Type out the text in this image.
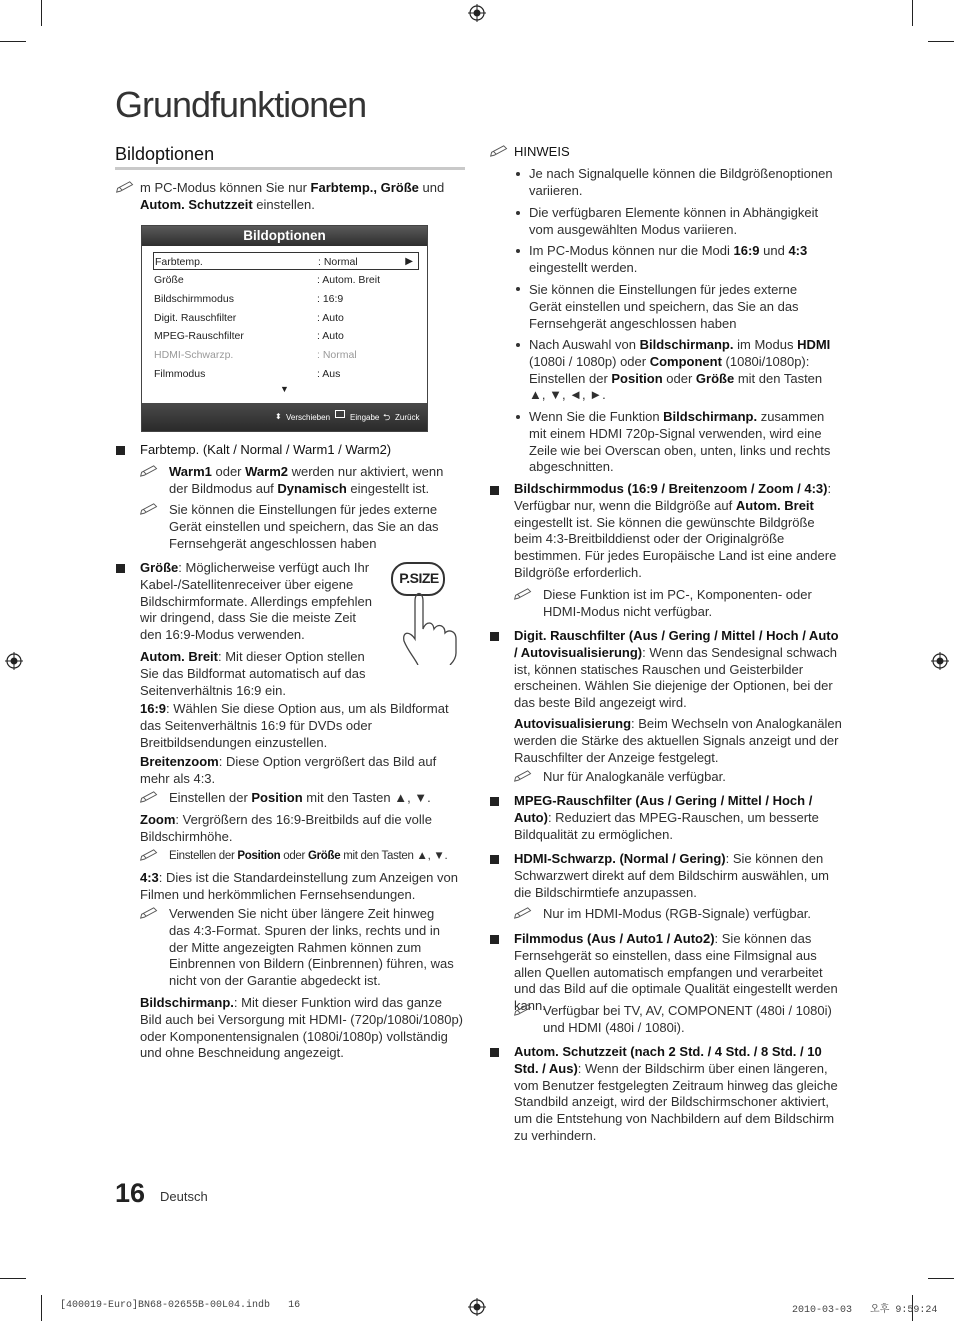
Grundfunktionen
Bildoptionen
m PC-Modus können Sie nur Farbtemp., Größe und
Autom. Schutzzeit einstellen.
Bildoptionen
Farbtemp.	: Normal	▶
Größe	: Autom. Breit
Bildschirmmodus	: 16:9
Digit. Rauschfilter	: Auto
MPEG-Rauschfilter	: Auto
HDMI-Schwarzp.	: Normal
Filmmodus	: Aus
▼
⬍ Verschieben Eingabe ⮌ Zurück
Farbtemp. (Kalt / Normal / Warm1 / Warm2)
Warm1 oder Warm2 werden nur aktiviert, wenn der Bildmodus auf Dynamisch eingestellt ist.
Sie können die Einstellungen für jedes externe Gerät einstellen und speichern, das Sie an das Fernsehgerät angeschlossen haben
Größe: Möglicherweise verfügt auch Ihr Kabel-/Satellitenreceiver über eigene Bildschirmformate. Allerdings empfehlen wir dringend, dass Sie die meiste Zeit den 16:9-Modus verwenden.
P.SIZE
Autom. Breit: Mit dieser Option stellen Sie das Bildformat automatisch auf das Seitenverhältnis 16:9 ein.
16:9: Wählen Sie diese Option aus, um als Bildformat das Seitenverhältnis 16:9 für DVDs oder Breitbildsendungen einzustellen.
Breitenzoom: Diese Option vergrößert das Bild auf mehr als 4:3.
Einstellen der Position mit den Tasten ▲, ▼.
Zoom: Vergrößern des 16:9-Breitbilds auf die volle Bildschirmhöhe.
Einstellen der Position oder Größe mit den Tasten ▲, ▼.
4:3: Dies ist die Standardeinstellung zum Anzeigen von Filmen und herkömmlichen Fernsehsendungen.
Verwenden Sie nicht über längere Zeit hinweg das 4:3-Format. Spuren der links, rechts und in der Mitte angezeigten Rahmen können zum Einbrennen von Bildern (Einbrennen) führen, was nicht von der Garantie abgedeckt ist.
Bildschirmanp.: Mit dieser Funktion wird das ganze Bild auch bei Versorgung mit HDMI- (720p/1080i/1080p) oder Komponentensignalen (1080i/1080p) vollständig und ohne Beschneidung angezeigt.
HINWEIS
Je nach Signalquelle können die Bildgrößenoptionen variieren.
Die verfügbaren Elemente können in Abhängigkeit vom ausgewählten Modus variieren.
Im PC-Modus können nur die Modi 16:9 und 4:3 eingestellt werden.
Sie können die Einstellungen für jedes externe Gerät einstellen und speichern, das Sie an das Fernsehgerät angeschlossen haben
Nach Auswahl von Bildschirmanp. im Modus HDMI (1080i / 1080p) oder Component (1080i/1080p): Einstellen der Position oder Größe mit den Tasten ▲, ▼, ◄, ►.
Wenn Sie die Funktion Bildschirmanp. zusammen mit einem HDMI 720p-Signal verwenden, wird eine Zeile wie bei Overscan oben, unten, links und rechts abgeschnitten.
Bildschirmmodus (16:9 / Breitenzoom / Zoom / 4:3): Verfügbar nur, wenn die Bildgröße auf Autom. Breit eingestellt ist. Sie können die gewünschte Bildgröße beim 4:3-Breitbilddienst oder der Originalgröße bestimmen. Für jedes Europäische Land ist eine andere Bildgröße erforderlich.
Diese Funktion ist im PC-, Komponenten- oder HDMI-Modus nicht verfügbar.
Digit. Rauschfilter (Aus / Gering / Mittel / Hoch / Auto / Autovisualisierung): Wenn das Sendesignal schwach ist, können statisches Rauschen und Geisterbilder erscheinen. Wählen Sie diejenige der Optionen, bei der das beste Bild angezeigt wird.
Autovisualisierung: Beim Wechseln von Analogkanälen werden die Stärke des aktuellen Signals anzeigt und der Rauschfilter der Anzeige festgelegt.
Nur für Analogkanäle verfügbar.
MPEG-Rauschfilter (Aus / Gering / Mittel / Hoch / Auto): Reduziert das MPEG-Rauschen, um besserte Bildqualität zu ermöglichen.
HDMI-Schwarzp. (Normal / Gering): Sie können den Schwarzwert direkt auf dem Bildschirm auswählen, um die Bildschirmtiefe anzupassen.
Nur im HDMI-Modus (RGB-Signale) verfügbar.
Filmmodus (Aus / Auto1 / Auto2): Sie können das Fernsehgerät so einstellen, dass eine Filmsignal aus allen Quellen automatisch empfangen und verarbeitet und das Bild auf die optimale Qualität eingestellt werden kann.
Verfügbar bei TV, AV, COMPONENT (480i / 1080i) und HDMI (480i / 1080i).
Autom. Schutzzeit (nach 2 Std. / 4 Std. / 8 Std. / 10 Std. / Aus): Wenn der Bildschirm über einen längeren, vom Benutzer festgelegten Zeitraum hinweg das gleiche Standbild anzeigt, wird der Bildschirmschoner aktiviert, um die Entstehung von Nachbildern auf dem Bildschirm zu verhindern.
16 Deutsch
[400019-Euro]BN68-02655B-00L04.indb 16	2010-03-03 오후 9:59:24
